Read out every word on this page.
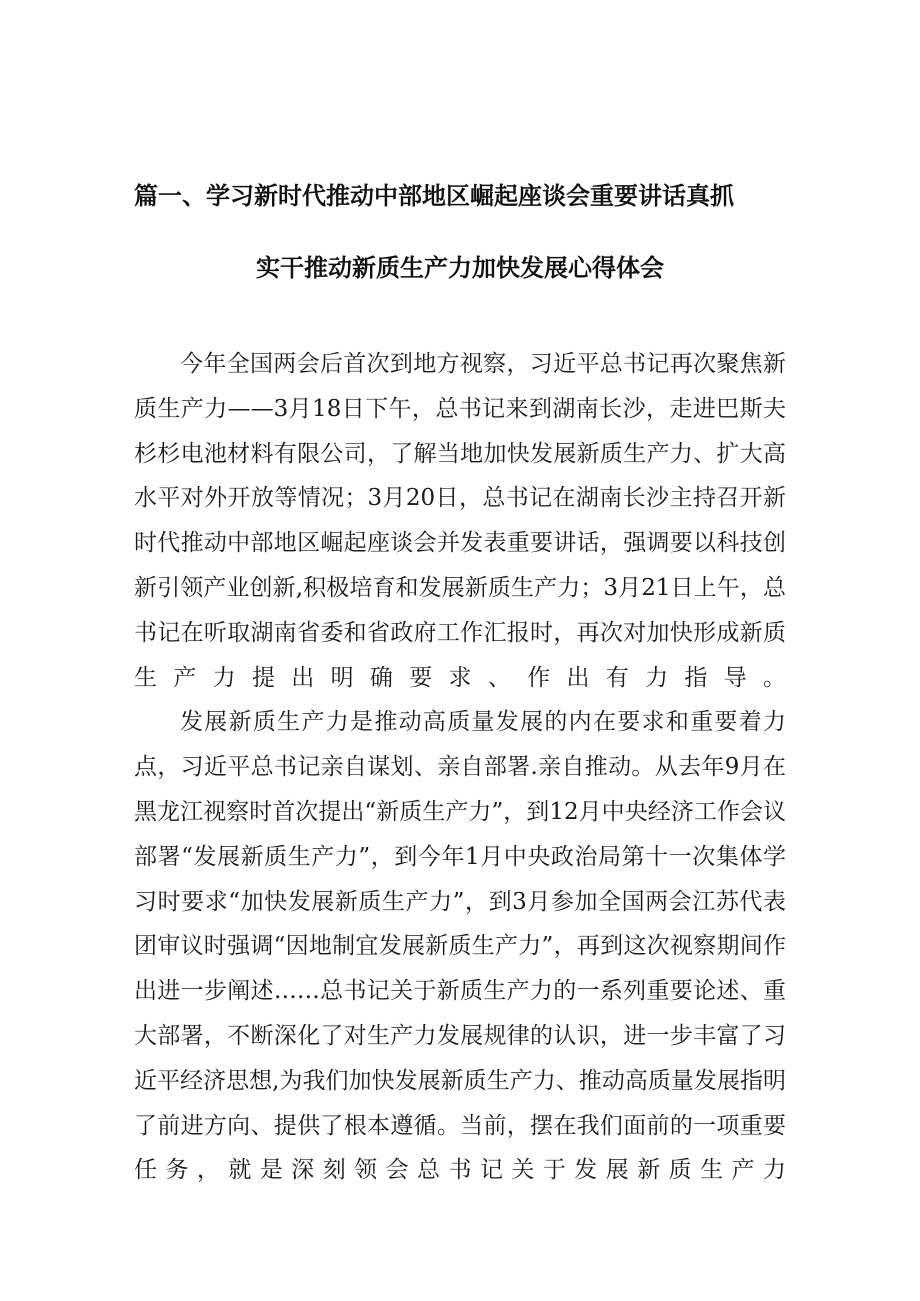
篇一、学习新时代推动中部地区崛起座谈会重要讲话真抓
实干推动新质生产力加快发展心得体会

今年全国两会后首次到地方视察，习近平总书记再次聚焦新质生产力——3月18日下午，总书记来到湖南长沙，走进巴斯夫杉杉电池材料有限公司，了解当地加快发展新质生产力、扩大高水平对外开放等情况；3月20日，总书记在湖南长沙主持召开新时代推动中部地区崛起座谈会并发表重要讲话，强调要以科技创新引领产业创新,积极培育和发展新质生产力；3月21日上午，总书记在听取湖南省委和省政府工作汇报时，再次对加快形成新质生产力提出明确要求、作出有力指导。

发展新质生产力是推动高质量发展的内在要求和重要着力点，习近平总书记亲自谋划、亲自部署.亲自推动。从去年9月在黑龙江视察时首次提出“新质生产力”，到12月中央经济工作会议部署“发展新质生产力”，到今年1月中央政治局第十一次集体学习时要求“加快发展新质生产力”，到3月参加全国两会江苏代表团审议时强调“因地制宜发展新质生产力”，再到这次视察期间作出进一步阐述……总书记关于新质生产力的一系列重要论述、重大部署，不断深化了对生产力发展规律的认识，进一步丰富了习近平经济思想,为我们加快发展新质生产力、推动高质量发展指明了前进方向、提供了根本遵循。当前，摆在我们面前的一项重要任务，就是深刻领会总书记关于发展新质生产力
